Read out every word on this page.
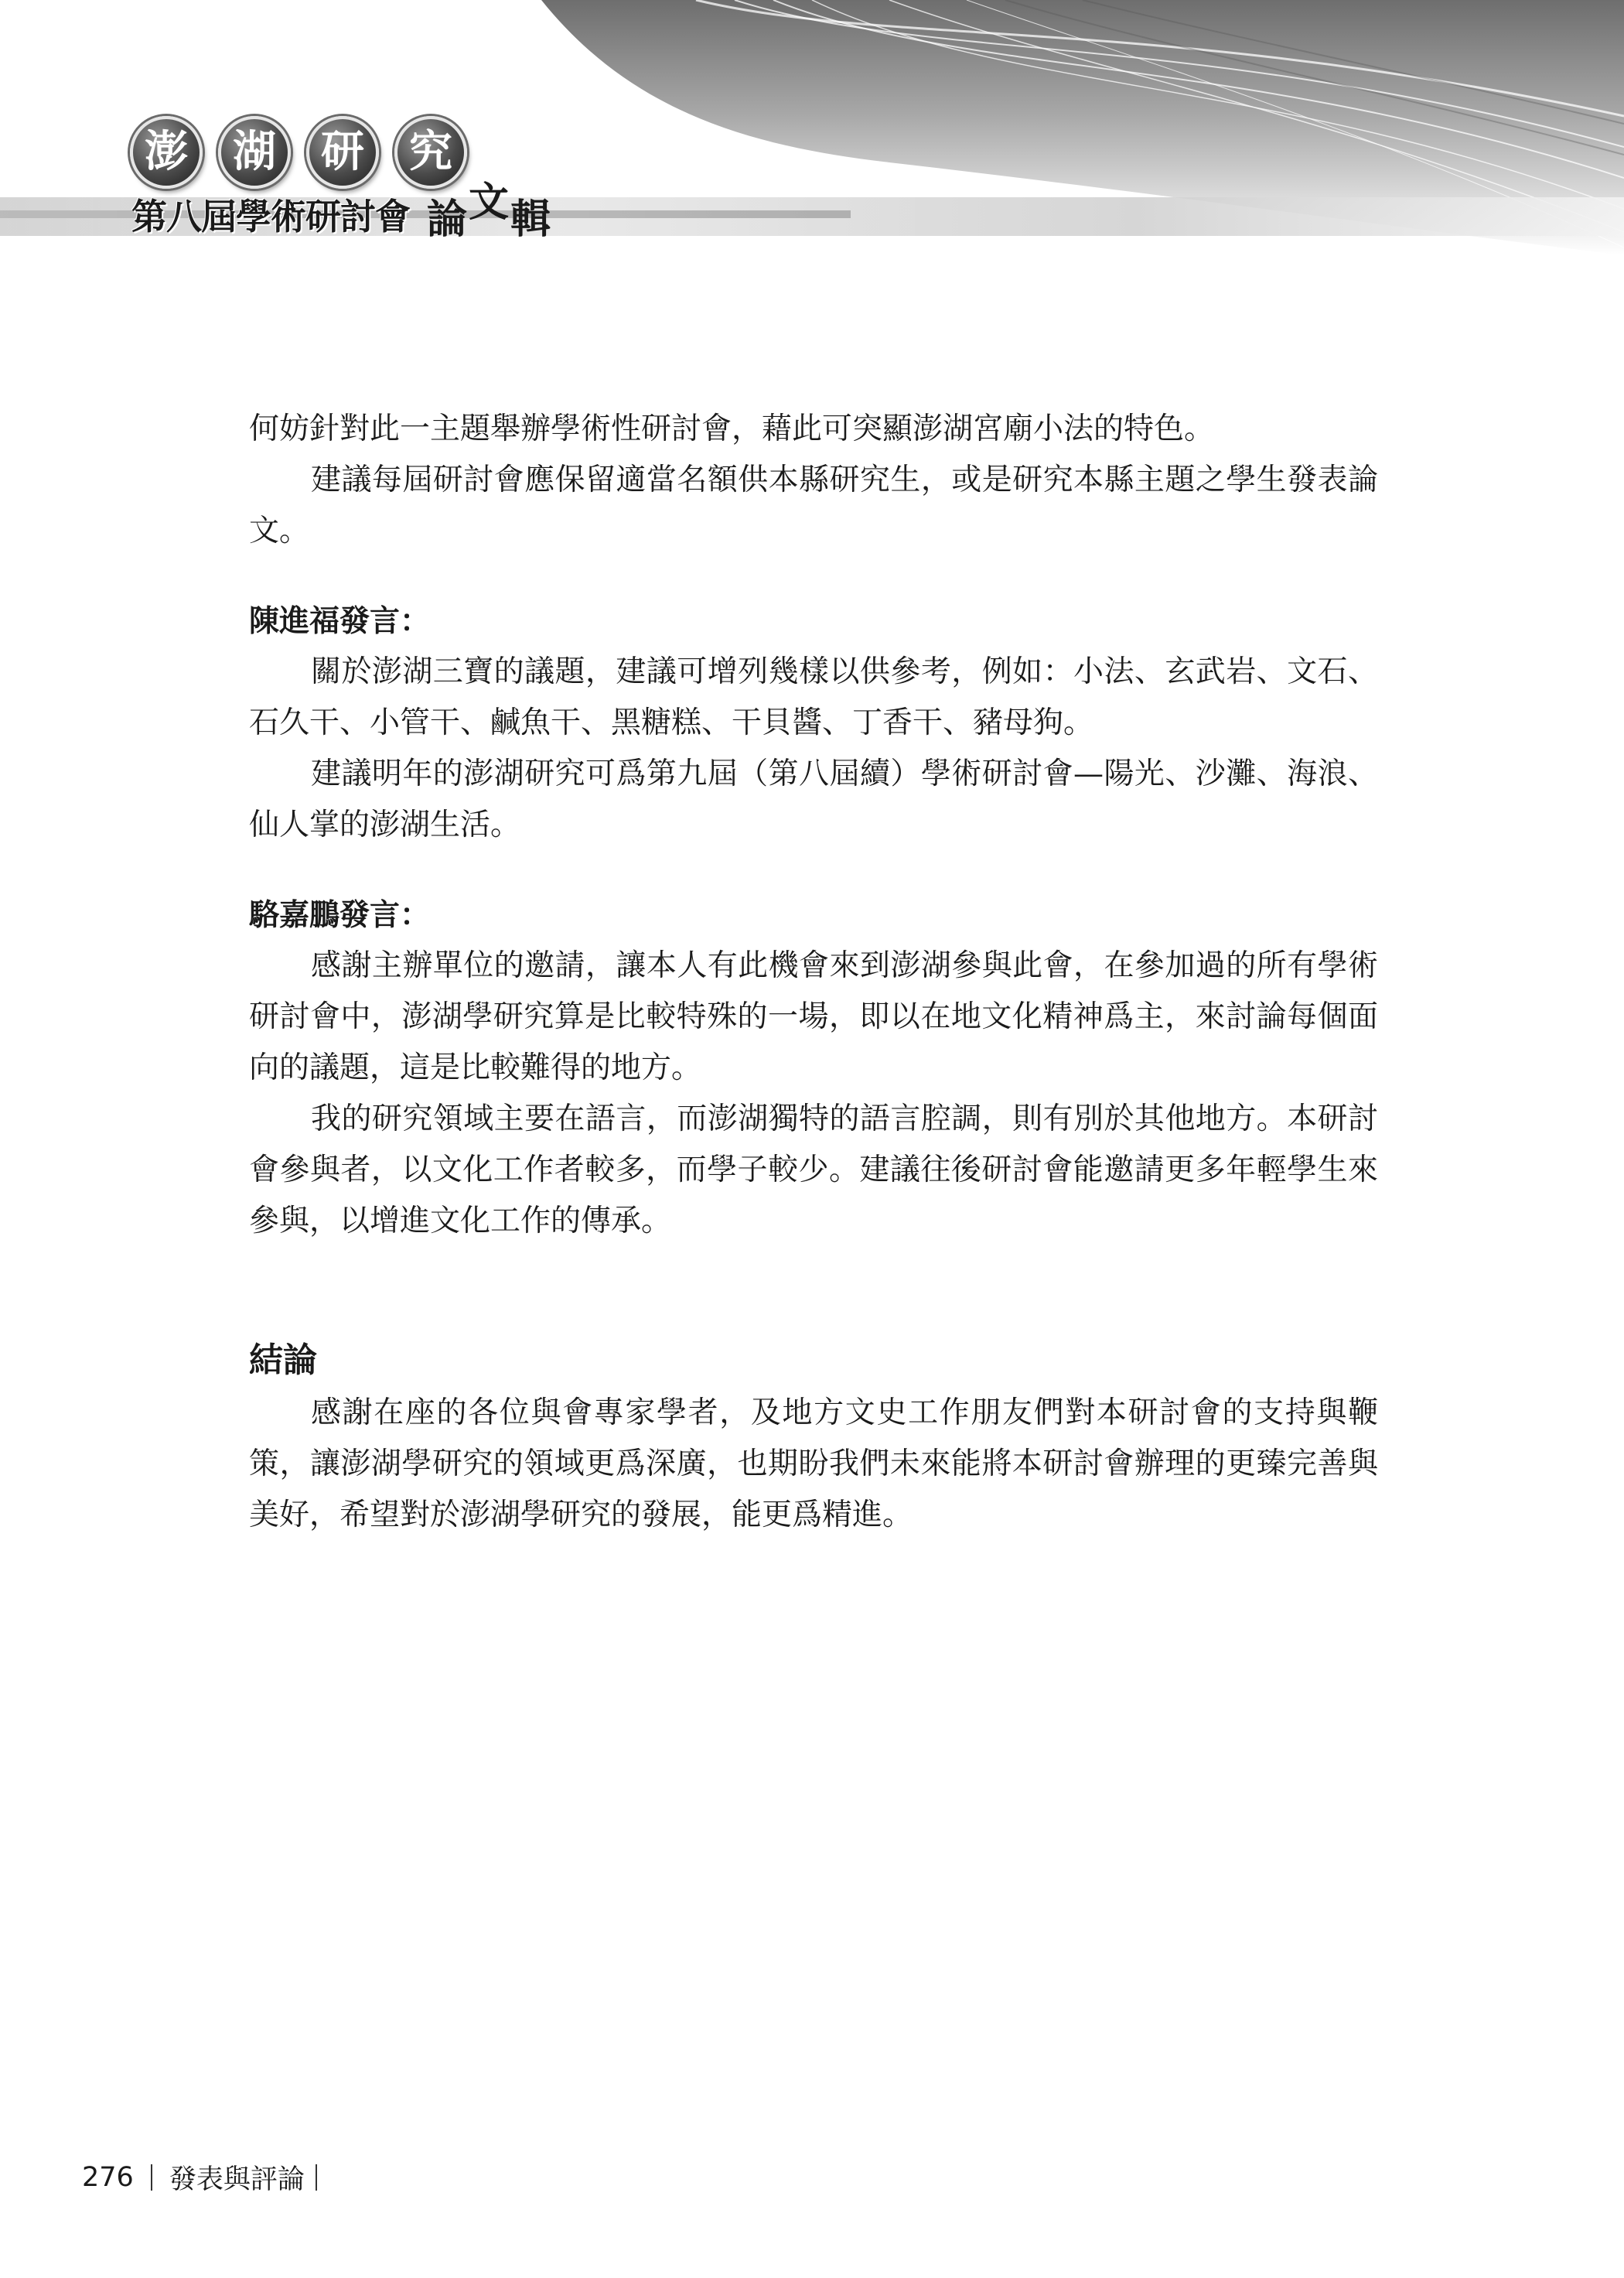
澎	湖	研	究
第八屆學術研討會 論 文 輯

何妨針對此一主題舉辦學術性研討會，藉此可突顯澎湖宮廟小法的特色。

建議每屆研討會應保留適當名額供本縣研究生，或是研究本縣主題之學生發表論文。

陳進福發言：

關於澎湖三寶的議題，建議可增列幾樣以供參考，例如：小法、玄武岩、文石、石久干、小管干、鹹魚干、黑糖糕、干貝醬、丁香干、豬母狗。

建議明年的澎湖研究可爲第九屆（第八屆續）學術研討會—陽光、沙灘、海浪、仙人掌的澎湖生活。

駱嘉鵬發言：

感謝主辦單位的邀請，讓本人有此機會來到澎湖參與此會，在參加過的所有學術研討會中，澎湖學研究算是比較特殊的一場，即以在地文化精神爲主，來討論每個面向的議題，這是比較難得的地方。

我的研究領域主要在語言，而澎湖獨特的語言腔調，則有別於其他地方。本研討會參與者，以文化工作者較多，而學子較少。建議往後研討會能邀請更多年輕學生來參與，以增進文化工作的傳承。

結論

感謝在座的各位與會專家學者，及地方文史工作朋友們對本研討會的支持與鞭策，讓澎湖學研究的領域更爲深廣，也期盼我們未來能將本研討會辦理的更臻完善與美好，希望對於澎湖學研究的發展，能更爲精進。

276 發表與評論
